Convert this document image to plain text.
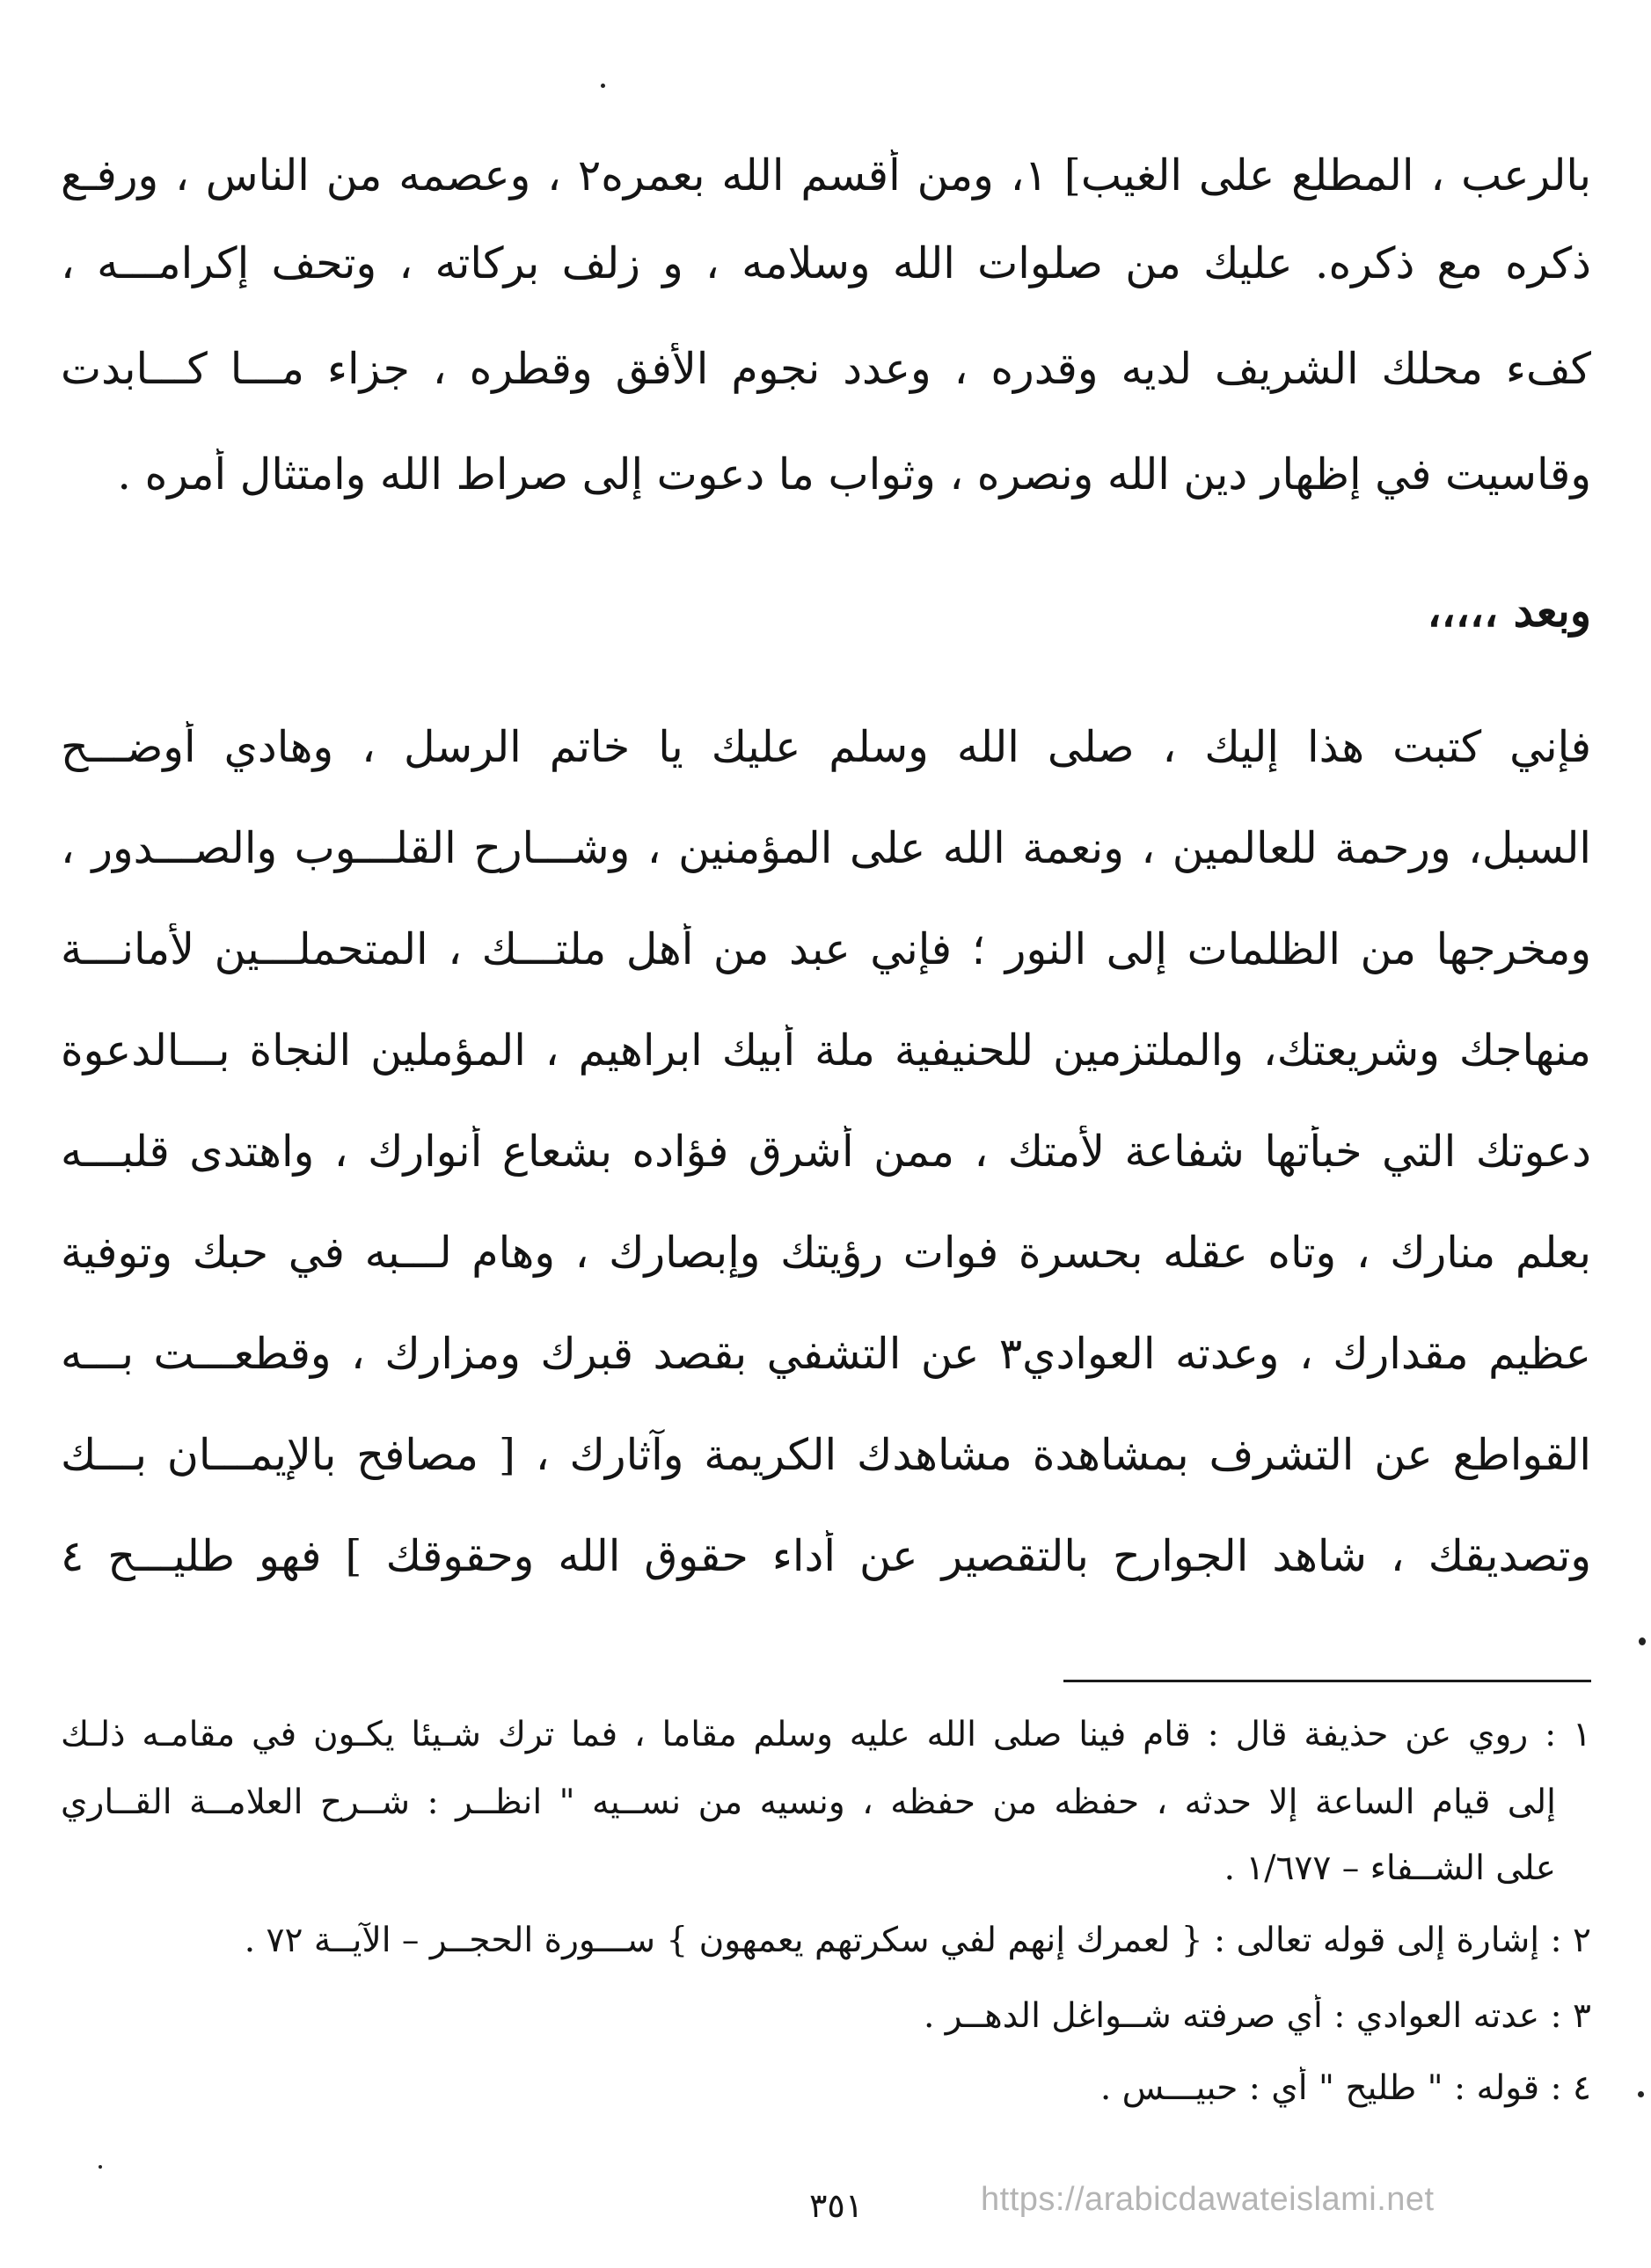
بالرعب ، المطلع على الغيب] ١، ومن أقسم الله بعمره٢ ، وعصمه من الناس ، ورفـع
ذكره مع ذكره. عليك من صلوات الله وسلامه ، و زلف بركاته ، وتحف إكرامـــه ،
كفء محلك الشريف لديه وقدره ، وعدد نجوم الأفق وقطره ، جزاء مـــا كـــابدت
وقاسيت في إظهار دين الله ونصره ، وثواب ما دعوت إلى صراط الله وامتثال أمره .
وبعد ،،،،،
فإني كتبت هذا إليك ، صلى الله وسلم عليك يا خاتم الرسل ، وهادي أوضـــح
السبل، ورحمة للعالمين ، ونعمة الله على المؤمنين ، وشـــارح القلـــوب والصـــدور ،
ومخرجها من الظلمات إلى النور ؛ فإني عبد من أهل ملتـــك ، المتحملـــين لأمانـــة
منهاجك وشريعتك، والملتزمين للحنيفية ملة أبيك ابراهيم ، المؤملين النجاة بـــالدعوة
دعوتك التي خبأتها شفاعة لأمتك ، ممن أشرق فؤاده بشعاع أنوارك ، واهتدى قلبـــه
بعلم منارك ، وتاه عقله بحسرة فوات رؤيتك وإبصارك ، وهام لـــبه في حبك وتوفية
عظيم مقدارك ، وعدته العوادي٣ عن التشفي بقصد قبرك ومزارك ، وقطعـــت بـــه
القواطع عن التشرف بمشاهدة مشاهدك الكريمة وآثارك ، [ مصافح بالإيمـــان بـــك
وتصديقك ، شاهد الجوارح بالتقصير عن أداء حقوق الله وحقوقك ] فهو طليـــح ٤
١ : روي عن حذيفة قال : قام فينا صلى الله عليه وسلم مقاما ، فما ترك شـيئا يكـون في مقامـه ذلـك
إلى قيام الساعة إلا حدثه ، حفظه من حفظه ، ونسيه من نســيه " انظــر : شــرح العلامــة القــاري
على الشــفاء – ١/٦٧٧ .
٢ : إشارة إلى قوله تعالى : { لعمرك إنهم لفي سكرتهم يعمهون } ســـورة الحجــر – الآيــة ٧٢ .
٣ : عدته العوادي : أي صرفته شــواغل الدهــر .
٤ : قوله : " طليح " أي : حبيـــس .
٣٥١	https://arabicdawateislami.net
